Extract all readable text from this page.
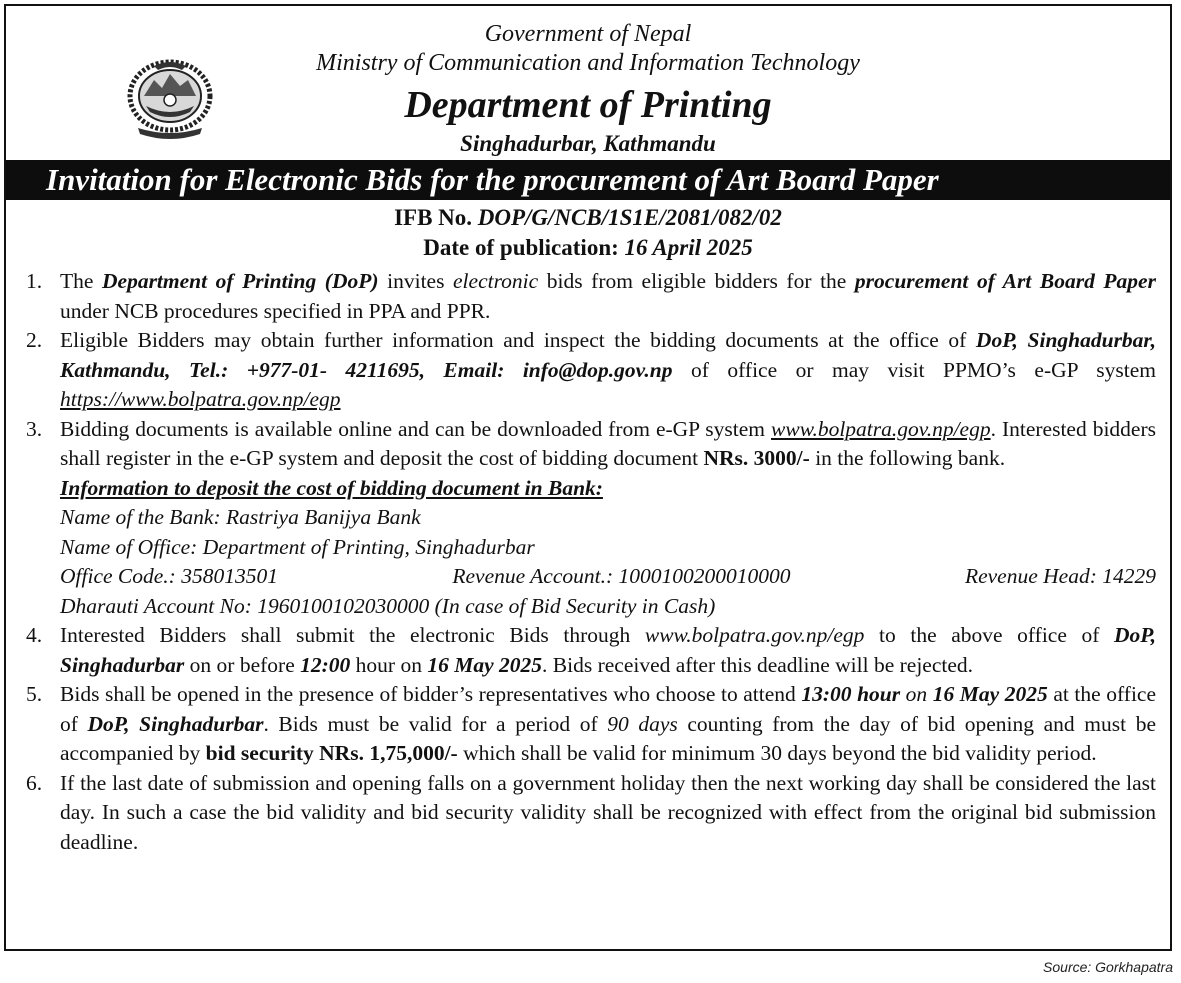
Government of Nepal
Ministry of Communication and Information Technology
Department of Printing
Singhadurbar, Kathmandu
Invitation for Electronic Bids for the procurement of Art Board Paper
IFB No. DOP/G/NCB/1S1E/2081/082/02
Date of publication: 16 April 2025
1. The Department of Printing (DoP) invites electronic bids from eligible bidders for the procurement of Art Board Paper under NCB procedures specified in PPA and PPR.
2. Eligible Bidders may obtain further information and inspect the bidding documents at the office of DoP, Singhadurbar, Kathmandu, Tel.: +977-01- 4211695, Email: info@dop.gov.np of office or may visit PPMO’s e-GP system https://www.bolpatra.gov.np/egp
3. Bidding documents is available online and can be downloaded from e-GP system www.bolpatra.gov.np/egp. Interested bidders shall register in the e-GP system and deposit the cost of bidding document NRs. 3000/- in the following bank.
Information to deposit the cost of bidding document in Bank:
Name of the Bank: Rastriya Banijya Bank
Name of Office: Department of Printing, Singhadurbar
Office Code.: 358013501	Revenue Account.: 1000100200010000	Revenue Head: 14229
Dharauti Account No: 1960100102030000 (In case of Bid Security in Cash)
4. Interested Bidders shall submit the electronic Bids through www.bolpatra.gov.np/egp to the above office of DoP, Singhadurbar on or before 12:00 hour on 16 May 2025. Bids received after this deadline will be rejected.
5. Bids shall be opened in the presence of bidder’s representatives who choose to attend 13:00 hour on 16 May 2025 at the office of DoP, Singhadurbar. Bids must be valid for a period of 90 days counting from the day of bid opening and must be accompanied by bid security NRs. 1,75,000/- which shall be valid for minimum 30 days beyond the bid validity period.
6. If the last date of submission and opening falls on a government holiday then the next working day shall be considered the last day. In such a case the bid validity and bid security validity shall be recognized with effect from the original bid submission deadline.
Source: Gorkhapatra
